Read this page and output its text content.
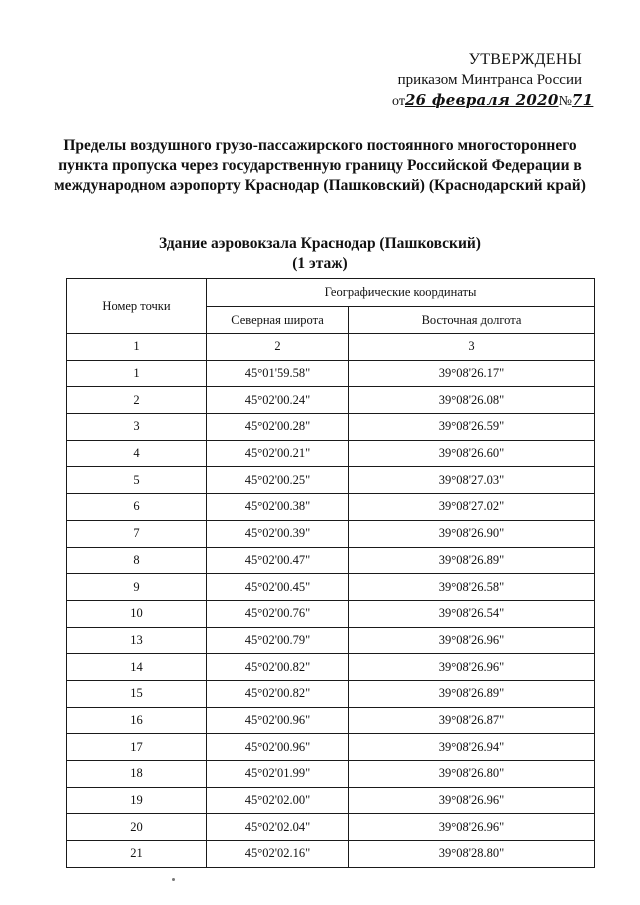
УТВЕРЖДЕНЫ
приказом Минтранса России
от26 февраля 2020№71
Пределы воздушного грузо-пассажирского постоянного многостороннего пункта пропуска через государственную границу Российской Федерации в международном аэропорту Краснодар (Пашковский) (Краснодарский край)
Здание аэровокзала Краснодар (Пашковский)
(1 этаж)
Номер точки	Географические координаты	
	Северная широта	Восточная долгота
1	2	3
1	45°01'59.58"	39°08'26.17"
2	45°02'00.24"	39°08'26.08"
3	45°02'00.28"	39°08'26.59"
4	45°02'00.21"	39°08'26.60"
5	45°02'00.25"	39°08'27.03"
6	45°02'00.38"	39°08'27.02"
7	45°02'00.39"	39°08'26.90"
8	45°02'00.47"	39°08'26.89"
9	45°02'00.45"	39°08'26.58"
10	45°02'00.76"	39°08'26.54"
13	45°02'00.79"	39°08'26.96"
14	45°02'00.82"	39°08'26.96"
15	45°02'00.82"	39°08'26.89"
16	45°02'00.96"	39°08'26.87"
17	45°02'00.96"	39°08'26.94"
18	45°02'01.99"	39°08'26.80"
19	45°02'02.00"	39°08'26.96"
20	45°02'02.04"	39°08'26.96"
21	45°02'02.16"	39°08'28.80"
